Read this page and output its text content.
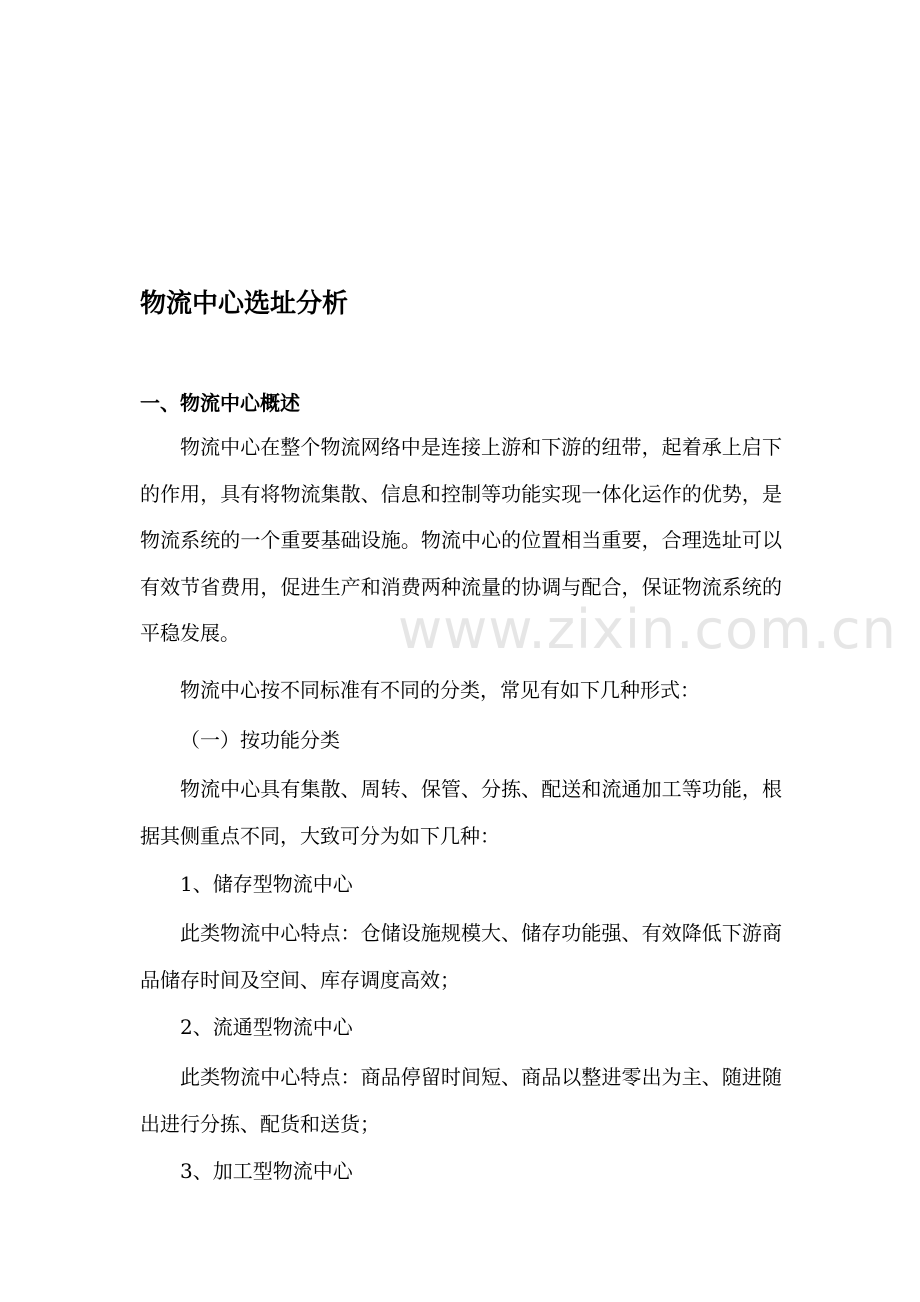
物流中心选址分析
一、物流中心概述

物流中心在整个物流网络中是连接上游和下游的纽带，起着承上启下的作用，具有将物流集散、信息和控制等功能实现一体化运作的优势，是物流系统的一个重要基础设施。物流中心的位置相当重要，合理选址可以有效节省费用，促进生产和消费两种流量的协调与配合，保证物流系统的平稳发展。

物流中心按不同标准有不同的分类，常见有如下几种形式：

（一）按功能分类

物流中心具有集散、周转、保管、分拣、配送和流通加工等功能，根据其侧重点不同，大致可分为如下几种：

1、储存型物流中心

此类物流中心特点：仓储设施规模大、储存功能强、有效降低下游商品储存时间及空间、库存调度高效；

2、流通型物流中心

此类物流中心特点：商品停留时间短、商品以整进零出为主、随进随出进行分拣、配货和送货；

3、加工型物流中心

www.zixin.com.cn
